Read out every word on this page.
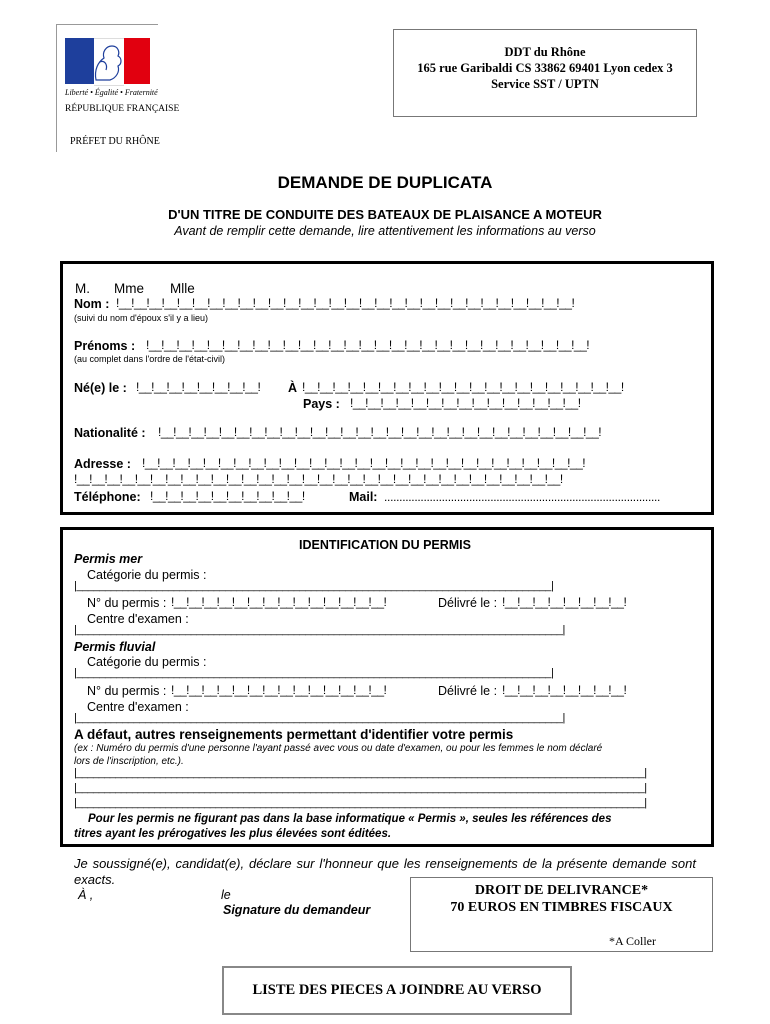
Liberté • Égalité • Fraternité
RÉPUBLIQUE FRANÇAISE
PRÉFET DU RHÔNE
DDT du Rhône
165 rue Garibaldi CS 33862 69401 Lyon cedex 3
Service SST / UPTN
DEMANDE DE DUPLICATA
D'UN TITRE DE CONDUITE DES BATEAUX DE PLAISANCE A MOTEUR
Avant de remplir cette demande, lire attentivement les informations au verso
M. Mme Mlle
Nom : !__!__!__!__!__!__!__!__!__!__!__!__!__!__!__!__!__!__!__!__!__!__!__!__!__!__!__!__!__!__!
(suivi du nom d'époux s'il y a lieu)
Prénoms : !__!__!__!__!__!__!__!__!__!__!__!__!__!__!__!__!__!__!__!__!__!__!__!__!__!__!__!__!__!
(au complet dans l'ordre de l'état-civil)
Né(e) le : !__!__!__!__!__!__!__!__! À !__!__!__!__!__!__!__!__!__!__!__!__!__!__!__!__!__!__!__!__!__!
Pays : !__!__!__!__!__!__!__!__!__!__!__!__!__!__!__!
Nationalité : !__!__!__!__!__!__!__!__!__!__!__!__!__!__!__!__!__!__!__!__!__!__!__!__!__!__!__!__!__!
Adresse : !__!__!__!__!__!__!__!__!__!__!__!__!__!__!__!__!__!__!__!__!__!__!__!__!__!__!__!__!__!
!__!__!__!__!__!__!__!__!__!__!__!__!__!__!__!__!__!__!__!__!__!__!__!__!__!__!__!__!__!__!__!__!
Téléphone: !__!__!__!__!__!__!__!__!__!__!	Mail: ...........................................................................................
IDENTIFICATION DU PERMIS
Permis mer
Catégorie du permis :
|___________________________________________________________________________________|
N° du permis : !__!__!__!__!__!__!__!__!__!__!__!__!__!__!	Délivré le : !__!__!__!__!__!__!__!__!
Centre d'examen :
|_____________________________________________________________________________________|
Permis fluvial
Catégorie du permis :
|___________________________________________________________________________________|
N° du permis : !__!__!__!__!__!__!__!__!__!__!__!__!__!__!	Délivré le : !__!__!__!__!__!__!__!__!
Centre d'examen :
|_____________________________________________________________________________________|
A défaut, autres renseignements permettant d'identifier votre permis
(ex : Numéro du permis d'une personne l'ayant passé avec vous ou date d'examen, ou pour les femmes le nom déclaré
lors de l'inscription, etc.).
|______________________________________________________________________________________________________|
|______________________________________________________________________________________________________|
|______________________________________________________________________________________________________|
Pour les permis ne figurant pas dans la base informatique « Permis », seules les références des
titres ayant les prérogatives les plus élevées sont éditées.
Je soussigné(e), candidat(e), déclare sur l'honneur que les renseignements de la présente demande sont exacts.
À ,	le
Signature du demandeur
DROIT DE DELIVRANCE*
70 EUROS EN TIMBRES FISCAUX
*A Coller
LISTE DES PIECES A JOINDRE AU VERSO
